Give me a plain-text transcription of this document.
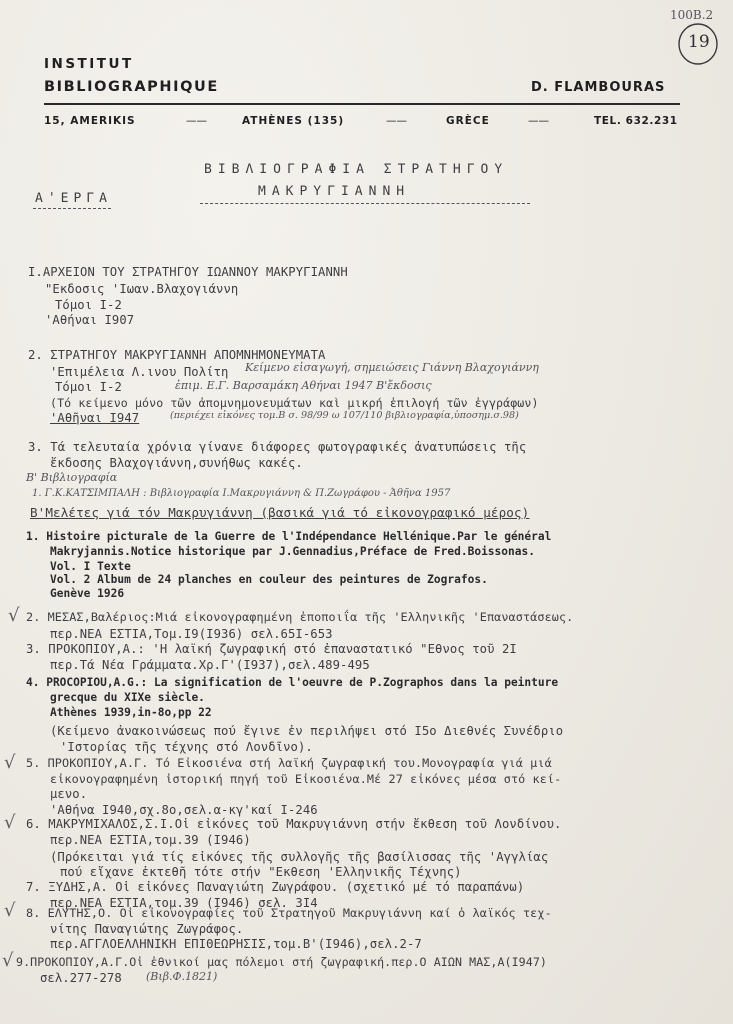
INSTITUT
BIBLIOGRAPHIQUE	D. FLAMBOURAS
15, AMERIKIS	——	ATHÈNES (135)	——	GRÈCE	——	TEL. 632.231
100B.2
19
ΒΙΒΛΙΟΓΡΑΦΙΑ ΣΤΡΑΤΗΓΟΥ
ΜΑΚΡΥΓΙΑΝΝΗ
Α'ΕΡΓΑ
Ι.ΑΡΧΕΙΟΝ ΤΟΥ ΣΤΡΑΤΗΓΟΥ ΙΩΑΝΝΟΥ ΜΑΚΡΥΓΙΑΝΝΗ
"Εκδοσις 'Ιωαν.Βλαχογιάννη
Τόμοι Ι-2
'Αθήναι Ι907
2. ΣΤΡΑΤΗΓΟΥ ΜΑΚΡΥΓΙΑΝΝΗ ΑΠΟΜΝΗΜΟΝΕΥΜΑΤΑ
'Επιμέλεια Λ.ινου Πολίτη Κείμενο εἰσαγωγή, σημειώσεις Γιάννη Βλαχογιάννη
Τόμοι Ι-2	ἐπιμ. Ε.Γ. Βαρσαμάκη Αθήναι 1947 Β'ἔκδοσις
(Τό κείμενο μόνο τῶν ἀπομνημονευμάτων καὶ μικρή ἐπιλογή τῶν ἐγγράφων)
'Αθῆναι Ι947	(περιέχει εἰκόνες τομ.Β σ. 98/99 ω 107/110 βιβλιογραφία,ὑποσημ.σ.98)
3. Τά τελευταία χρόνια γίνανε διάφορες φωτογραφικές ἀνατυπώσεις τῆς
ἔκδοσης Βλαχογιάννη,συνήθως κακές.
Β' Βιβλιογραφία
1. Γ.Κ.ΚΑΤΣΙΜΠΑΛΗ : Βιβλιογραφία Ι.Μακρυγιάννη & Π.Ζωγράφου - Ἀθῆνα 1957
Β'Μελέτες γιά τόν Μακρυγιάννη (βασικά γιά τό εἰκονογραφικό μέρος)
1. Histoire picturale de la Guerre de l'Indépendance Hellénique.Par le général
Makryjannis.Notice historique par J.Gennadius,Préface de Fred.Boissonas.
Vol. I Texte
Vol. 2 Album de 24 planches en couleur des peintures de Zografos.
Genève 1926
√ 2. ΜΕΣΑΣ,Βαλέριος:Μιά εἰκονογραφημένη ἐποποιΐα τῆς 'Ελληνικῆς 'Επαναστάσεως.
περ.ΝΕΑ ΕΣΤΙΑ,Τομ.Ι9(Ι936) σελ.65Ι-653
3. ΠΡΟΚΟΠΙΟΥ,Α.: 'Η λαϊκή ζωγραφική στό ἐπαναστατικό "Εθνος τοῦ 2Ι
περ.Τά Νέα Γράμματα.Χρ.Γ'(Ι937),σελ.489-495
4. PROCOPIOU,A.G.: La signification de l'oeuvre de P.Zographos dans la peinture
grecque du XIXe siècle.
Athènes 1939,in-8o,pp 22
(Κείμενο ἀνακοινώσεως πού ἔγινε ἐν περιλήψει στό Ι5ο Διεθνές Συνέδριο
'Ιστορίας τῆς τέχνης στό Λονδῖνο).
√ 5. ΠΡΟΚΟΠΙΟΥ,Α.Γ. Τό Εἰκοσιένα στή λαϊκή ζωγραφική του.Μονογραφία γιά μιά
εἰκονογραφημένη ἱστορική πηγή τοῦ Εἰκοσιένα.Μέ 27 εἰκόνες μέσα στό κεί-
μενο.
'Αθήνα Ι940,σχ.8ο,σελ.α-κγ'καί Ι-246
√ 6. ΜΑΚΡΥΜΙΧΑΛΟΣ,Σ.Ι.Οἱ εἰκόνες τοῦ Μακρυγιάννη στήν ἔκθεση τοῦ Λονδίνου.
περ.ΝΕΑ ΕΣΤΙΑ,τομ.39 (Ι946)
(Πρόκειται γιά τίς εἰκόνες τῆς συλλογῆς τῆς βασίλισσας τῆς 'Αγγλίας
πού εἴχανε ἐκτεθῆ τότε στήν "Εκθεση 'Ελληνικῆς Τέχνης)
7. ΞΥΔΗΣ,Α. Οἱ εἰκόνες Παναγιώτη Ζωγράφου. (σχετικό μέ τό παραπάνω)
περ.ΝΕΑ ΕΣΤΙΑ,τομ.39 (Ι946) σελ. 3Ι4
√ 8. ΕΛΥΤΗΣ,Ο. Οἱ εἰκονογραφίες τοῦ Στρατηγοῦ Μακρυγιάννη καί ὁ λαϊκός τεχ-
νίτης Παναγιώτης Ζωγράφος.
περ.ΑΓΓΛΟΕΛΛΗΝΙΚΗ ΕΠΙΘΕΩΡΗΣΙΣ,τομ.Β'(Ι946),σελ.2-7
√ 9.ΠΡΟΚΟΠΙΟΥ,Α.Γ.Οἱ ἐθνικοί μας πόλεμοι στή ζωγραφική.περ.Ο ΑΙΩΝ ΜΑΣ,Α(Ι947)
σελ.277-278 (Βιβ.Φ.1821)
